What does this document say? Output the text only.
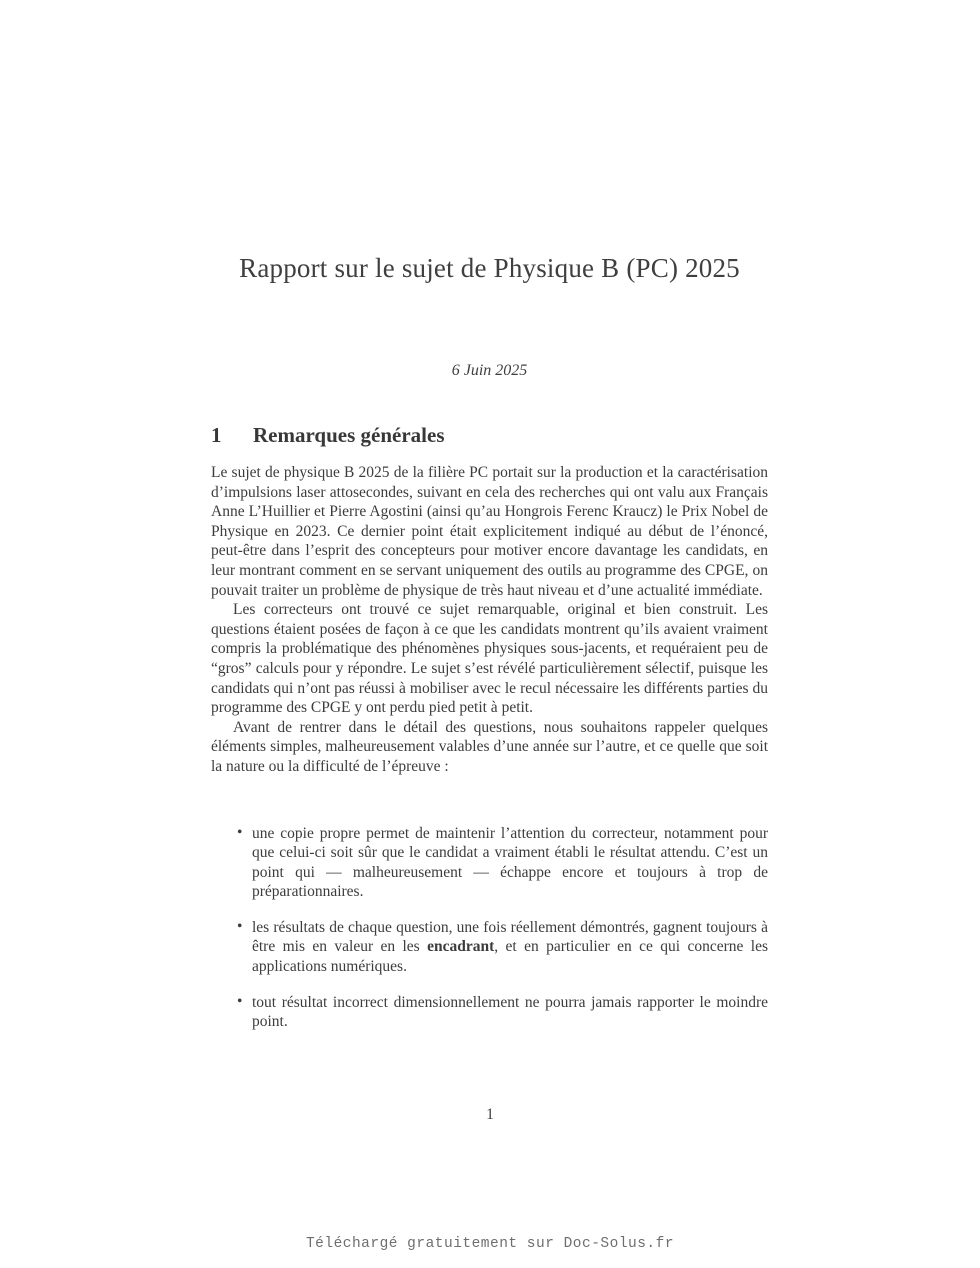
Rapport sur le sujet de Physique B (PC) 2025
6 Juin 2025
1	Remarques générales

Le sujet de physique B 2025 de la filière PC portait sur la production et la caractérisation d’impulsions laser attosecondes, suivant en cela des recherches qui ont valu aux Français Anne L’Huillier et Pierre Agostini (ainsi qu’au Hongrois Ferenc Kraucz) le Prix Nobel de Physique en 2023. Ce dernier point était explicitement indiqué au début de l’énoncé, peut-être dans l’esprit des concepteurs pour motiver encore davantage les candidats, en leur montrant comment en se servant uniquement des outils au programme des CPGE, on pouvait traiter un problème de physique de très haut niveau et d’une actualité immédiate.

Les correcteurs ont trouvé ce sujet remarquable, original et bien construit. Les questions étaient posées de façon à ce que les candidats montrent qu’ils avaient vraiment compris la problématique des phénomènes physiques sous-jacents, et requéraient peu de “gros” calculs pour y répondre. Le sujet s’est révélé particulièrement sélectif, puisque les candidats qui n’ont pas réussi à mobiliser avec le recul nécessaire les différents parties du programme des CPGE y ont perdu pied petit à petit.

Avant de rentrer dans le détail des questions, nous souhaitons rappeler quelques éléments simples, malheureusement valables d’une année sur l’autre, et ce quelle que soit la nature ou la difficulté de l’épreuve :

• une copie propre permet de maintenir l’attention du correcteur, notamment pour que celui-ci soit sûr que le candidat a vraiment établi le résultat attendu. C’est un point qui — malheureusement — échappe encore et toujours à trop de préparationnaires.
• les résultats de chaque question, une fois réellement démontrés, gagnent toujours à être mis en valeur en les encadrant, et en particulier en ce qui concerne les applications numériques.
• tout résultat incorrect dimensionnellement ne pourra jamais rapporter le moindre point.
1
Téléchargé gratuitement sur Doc-Solus.fr
